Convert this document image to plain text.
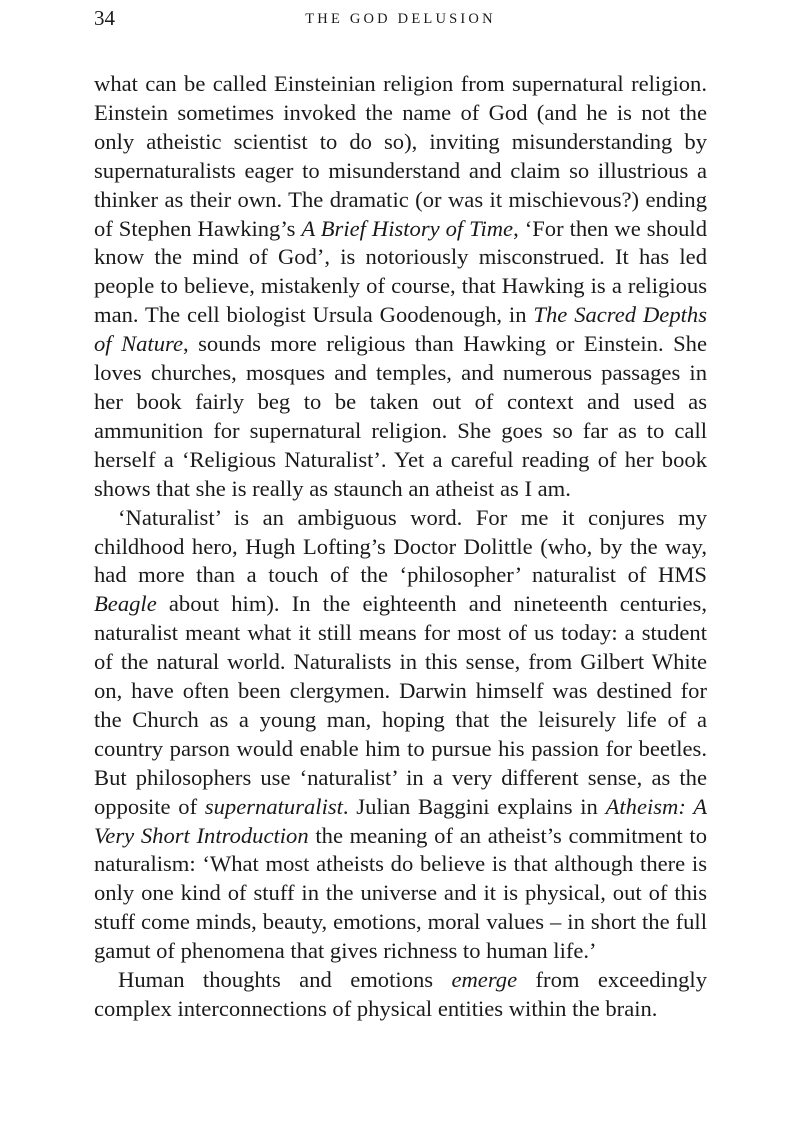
34	THE GOD DELUSION

what can be called Einsteinian religion from supernatural religion. Einstein sometimes invoked the name of God (and he is not the only atheistic scientist to do so), inviting misunderstanding by supernaturalists eager to misunderstand and claim so illustrious a thinker as their own. The dramatic (or was it mischievous?) ending of Stephen Hawking’s A Brief History of Time, ‘For then we should know the mind of God’, is notoriously misconstrued. It has led people to believe, mistakenly of course, that Hawking is a religious man. The cell biologist Ursula Goodenough, in The Sacred Depths of Nature, sounds more religious than Hawking or Einstein. She loves churches, mosques and temples, and numerous passages in her book fairly beg to be taken out of context and used as ammunition for supernatural religion. She goes so far as to call herself a ‘Religious Naturalist’. Yet a careful reading of her book shows that she is really as staunch an atheist as I am.

‘Naturalist’ is an ambiguous word. For me it conjures my childhood hero, Hugh Lofting’s Doctor Dolittle (who, by the way, had more than a touch of the ‘philosopher’ naturalist of HMS Beagle about him). In the eighteenth and nineteenth centuries, naturalist meant what it still means for most of us today: a student of the natural world. Naturalists in this sense, from Gilbert White on, have often been clergymen. Darwin himself was destined for the Church as a young man, hoping that the leisurely life of a country parson would enable him to pursue his passion for beetles. But philosophers use ‘naturalist’ in a very different sense, as the opposite of supernaturalist. Julian Baggini explains in Atheism: A Very Short Introduction the meaning of an atheist’s commitment to naturalism: ‘What most atheists do believe is that although there is only one kind of stuff in the universe and it is physical, out of this stuff come minds, beauty, emotions, moral values – in short the full gamut of phenomena that gives richness to human life.’

Human thoughts and emotions emerge from exceedingly complex interconnections of physical entities within the brain.
